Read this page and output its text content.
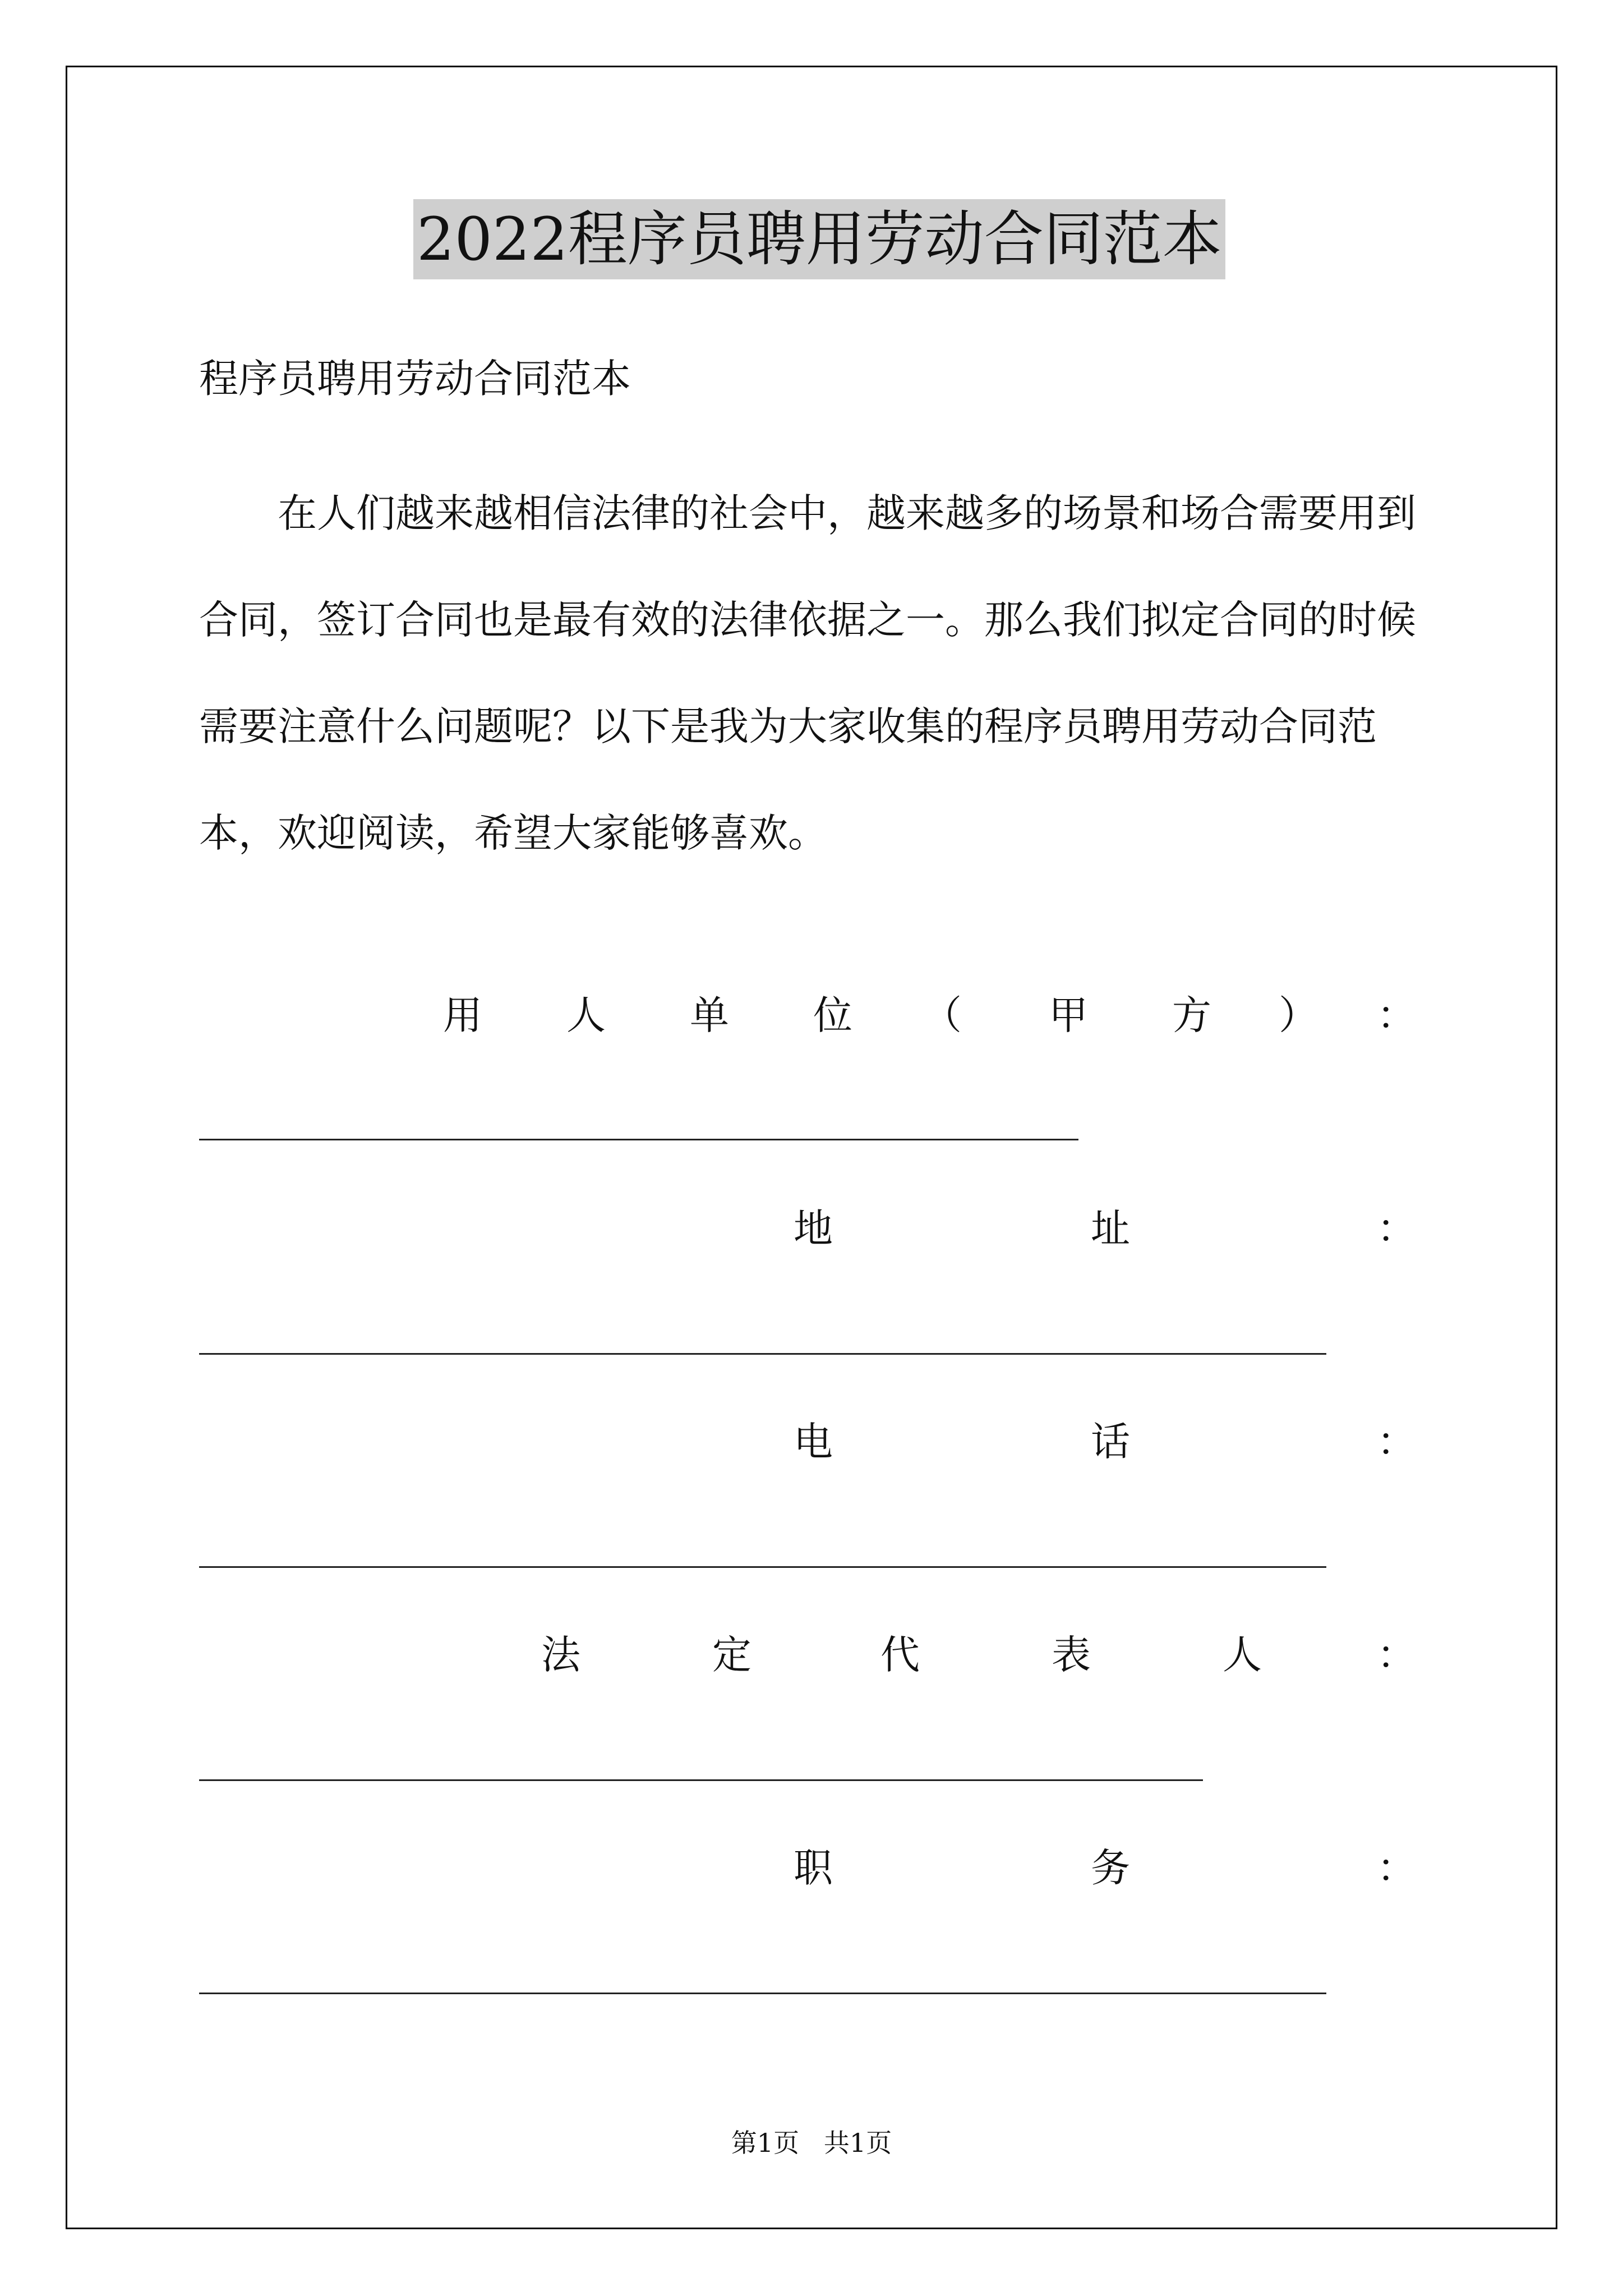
2022程序员聘用劳动合同范本
程序员聘用劳动合同范本

在人们越来越相信法律的社会中，越来越多的场景和场合需要用到合同，签订合同也是最有效的法律依据之一。那么我们拟定合同的时候需要注意什么问题呢？以下是我为大家收集的程序员聘用劳动合同范本，欢迎阅读，希望大家能够喜欢。

用 人 单 位 （ 甲 方 ） ：
地	址	：
电	话	：
法	定	代	表	人	：
职	务	：
第1页   共1页
